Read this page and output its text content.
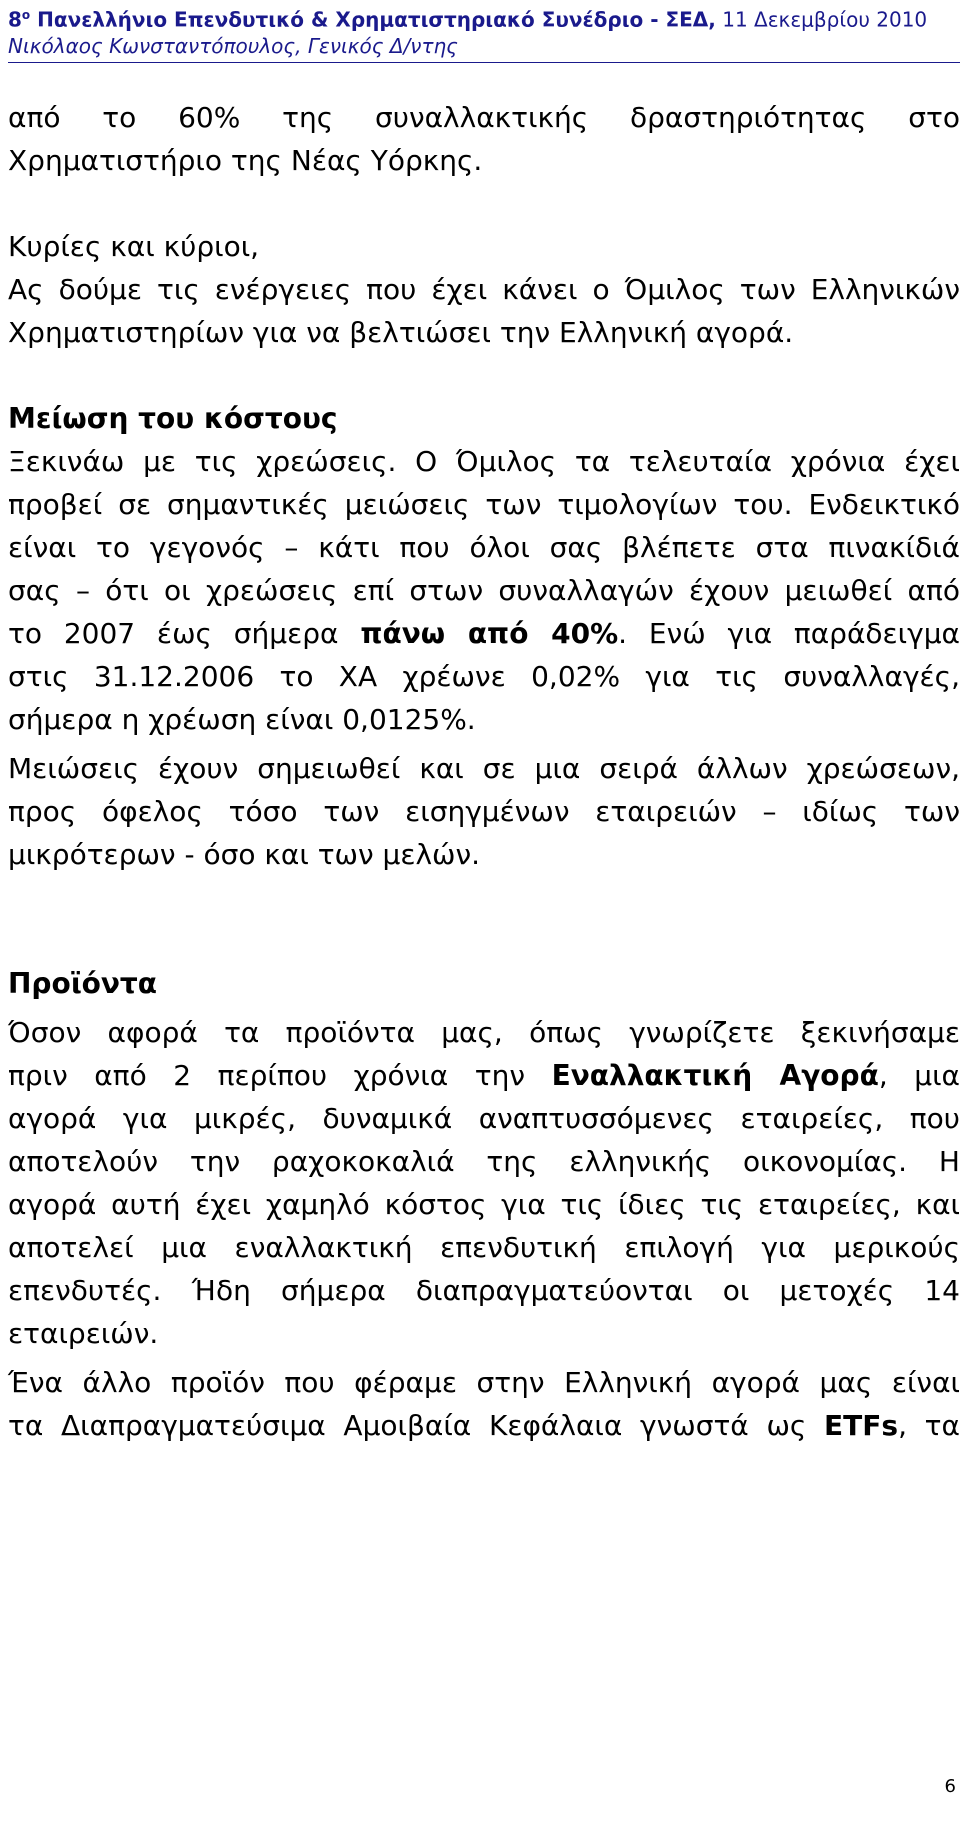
$8^o$ Πανελλήνιο Επενδυτικό & Χρηματιστηριακό Συνέδριο - ΣΕΔ, 11 Δεκεμβρίου 2010
Νικόλαος Κωνσταντόπουλος, Γενικός Δ/ντης
από το 60% της συναλλακτικής δραστηριότητας στο
Χρηματιστήριο της Νέας Υόρκης.
Κυρίες και κύριοι,
Ας δούμε τις ενέργειες που έχει κάνει ο Όμιλος των Ελληνικών
Χρηματιστηρίων για να βελτιώσει την Ελληνική αγορά.
Μείωση του κόστους
Ξεκινάω με τις χρεώσεις. Ο Όμιλος τα τελευταία χρόνια έχει
προβεί σε σημαντικές μειώσεις των τιμολογίων του. Ενδεικτικό
είναι το γεγονός – κάτι που όλοι σας βλέπετε στα πινακίδιά
σας – ότι οι χρεώσεις επί στων συναλλαγών έχουν μειωθεί από
το 2007 έως σήμερα πάνω από 40%. Ενώ για παράδειγμα
στις 31.12.2006 το ΧΑ χρέωνε 0,02% για τις συναλλαγές,
σήμερα η χρέωση είναι 0,0125%.
Μειώσεις έχουν σημειωθεί και σε μια σειρά άλλων χρεώσεων,
προς όφελος τόσο των εισηγμένων εταιρειών – ιδίως των
μικρότερων - όσο και των μελών.
Προϊόντα
Όσον αφορά τα προϊόντα μας, όπως γνωρίζετε ξεκινήσαμε
πριν από 2 περίπου χρόνια την Εναλλακτική Αγορά, μια
αγορά για μικρές, δυναμικά αναπτυσσόμενες εταιρείες, που
αποτελούν την ραχοκοκαλιά της ελληνικής οικονομίας. Η
αγορά αυτή έχει χαμηλό κόστος για τις ίδιες τις εταιρείες, και
αποτελεί μια εναλλακτική επενδυτική επιλογή για μερικούς
επενδυτές. Ήδη σήμερα διαπραγματεύονται οι μετοχές 14
εταιρειών.
Ένα άλλο προϊόν που φέραμε στην Ελληνική αγορά μας είναι
τα Διαπραγματεύσιμα Αμοιβαία Κεφάλαια γνωστά ως ETFs, τα
6
